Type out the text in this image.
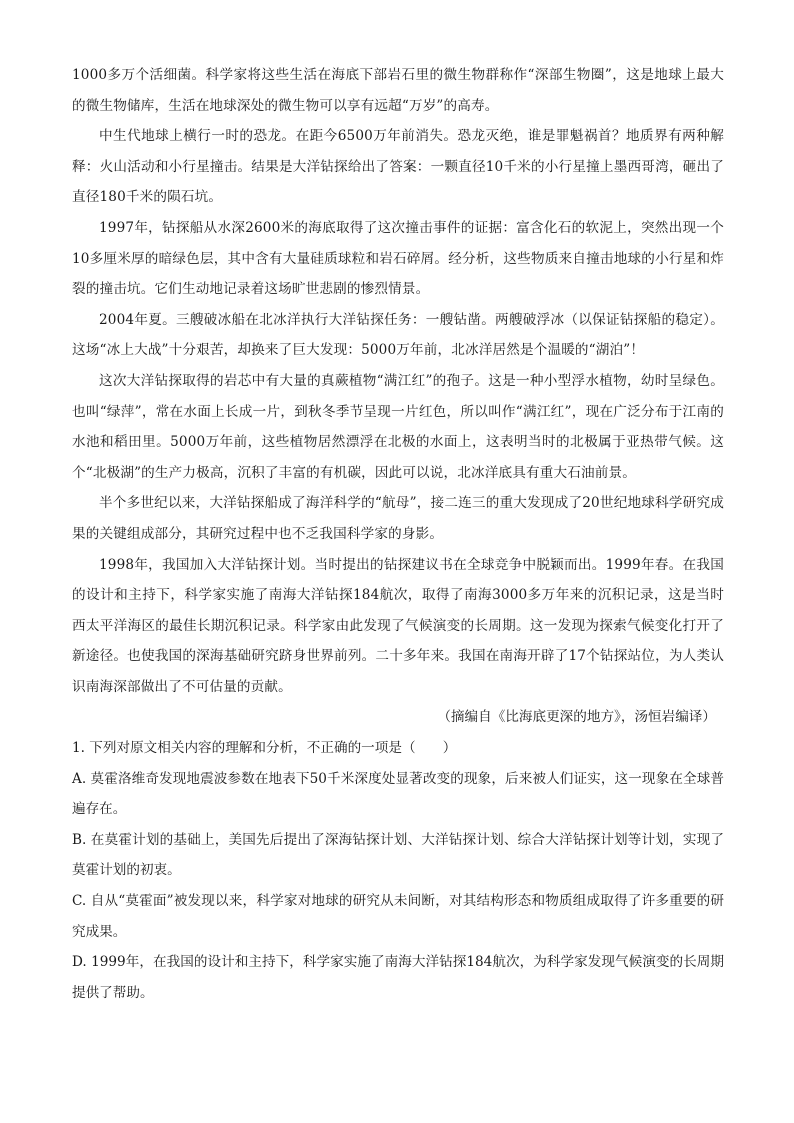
1000多万个活细菌。科学家将这些生活在海底下部岩石里的微生物群称作“深部生物圈”，这是地球上最大的微生物储库，生活在地球深处的微生物可以享有远超“万岁”的高寿。

中生代地球上横行一时的恐龙。在距今6500万年前消失。恐龙灭绝，谁是罪魁祸首？地质界有两种解释：火山活动和小行星撞击。结果是大洋钻探给出了答案：一颗直径10千米的小行星撞上墨西哥湾，砸出了直径180千米的陨石坑。

1997年，钻探船从水深2600米的海底取得了这次撞击事件的证据：富含化石的软泥上，突然出现一个10多厘米厚的暗绿色层，其中含有大量硅质球粒和岩石碎屑。经分析，这些物质来自撞击地球的小行星和炸裂的撞击坑。它们生动地记录着这场旷世悲剧的惨烈情景。

2004年夏。三艘破冰船在北冰洋执行大洋钻探任务：一艘钻凿。两艘破浮冰（以保证钻探船的稳定）。这场“冰上大战”十分艰苦，却换来了巨大发现：5000万年前，北冰洋居然是个温暖的“湖泊”！

这次大洋钻探取得的岩芯中有大量的真蕨植物“满江红”的孢子。这是一种小型浮水植物，幼时呈绿色。也叫“绿萍”，常在水面上长成一片，到秋冬季节呈现一片红色，所以叫作“满江红”，现在广泛分布于江南的水池和稻田里。5000万年前，这些植物居然漂浮在北极的水面上，这表明当时的北极属于亚热带气候。这个“北极湖”的生产力极高，沉积了丰富的有机碳，因此可以说，北冰洋底具有重大石油前景。

半个多世纪以来，大洋钻探船成了海洋科学的“航母”，接二连三的重大发现成了20世纪地球科学研究成果的关键组成部分，其研究过程中也不乏我国科学家的身影。

1998年，我国加入大洋钻探计划。当时提出的钻探建议书在全球竞争中脱颖而出。1999年春。在我国的设计和主持下，科学家实施了南海大洋钻探184航次，取得了南海3000多万年来的沉积记录，这是当时西太平洋海区的最佳长期沉积记录。科学家由此发现了气候演变的长周期。这一发现为探索气候变化打开了新途径。也使我国的深海基础研究跻身世界前列。二十多年来。我国在南海开辟了17个钻探站位，为人类认识南海深部做出了不可估量的贡献。

（摘编自《比海底更深的地方》，汤恒岩编译）

1. 下列对原文相关内容的理解和分析，不正确的一项是（　　）

A. 莫霍洛维奇发现地震波参数在地表下50千米深度处显著改变的现象，后来被人们证实，这一现象在全球普遍存在。

B. 在莫霍计划的基础上，美国先后提出了深海钻探计划、大洋钻探计划、综合大洋钻探计划等计划，实现了莫霍计划的初衷。

C. 自从“莫霍面”被发现以来，科学家对地球的研究从未间断，对其结构形态和物质组成取得了许多重要的研究成果。

D. 1999年，在我国的设计和主持下，科学家实施了南海大洋钻探184航次，为科学家发现气候演变的长周期提供了帮助。
